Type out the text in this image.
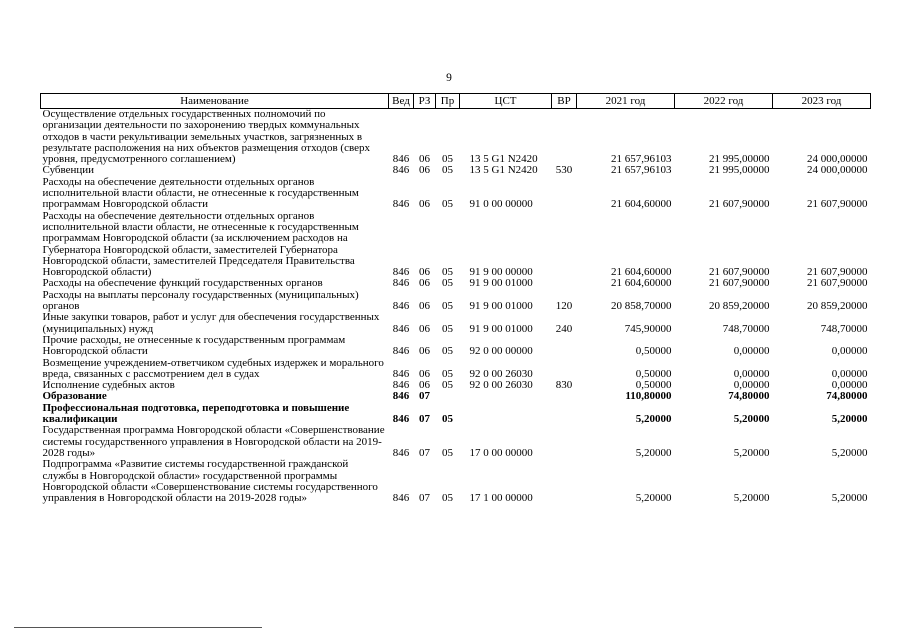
9
Наименование	Вед	РЗ	Пр	ЦСТ	ВР	2021 год	2022 год	2023 год
Осуществление отдельных государственных полномочий по организации деятельности по захоронению твердых коммунальных отходов в части рекультивации земельных участков, загрязненных в результате расположения на них объектов размещения отходов (сверх уровня, предусмотренного соглашением)	846	06	05	13 5 G1 N2420		21 657,96103	21 995,00000	24 000,00000
Субвенции	846	06	05	13 5 G1 N2420	530	21 657,96103	21 995,00000	24 000,00000
Расходы на обеспечение деятельности отдельных органов исполнительной власти области, не отнесенные к государственным программам Новгородской области	846	06	05	91 0 00 00000		21 604,60000	21 607,90000	21 607,90000
Расходы на обеспечение деятельности отдельных органов исполнительной власти области, не отнесенные к государственным программам Новгородской области (за исключением расходов на Губернатора Новгородской области, заместителей Губернатора Новгородской области, заместителей Председателя Правительства Новгородской области)	846	06	05	91 9 00 00000		21 604,60000	21 607,90000	21 607,90000
Расходы на обеспечение функций государственных органов	846	06	05	91 9 00 01000		21 604,60000	21 607,90000	21 607,90000
Расходы на выплаты персоналу государственных (муниципальных) органов	846	06	05	91 9 00 01000	120	20 858,70000	20 859,20000	20 859,20000
Иные закупки товаров, работ и услуг для обеспечения государственных (муниципальных) нужд	846	06	05	91 9 00 01000	240	745,90000	748,70000	748,70000
Прочие расходы, не отнесенные к государственным программам Новгородской области	846	06	05	92 0 00 00000		0,50000	0,00000	0,00000
Возмещение учреждением-ответчиком судебных издержек и морального вреда, связанных с рассмотрением дел в судах	846	06	05	92 0 00 26030		0,50000	0,00000	0,00000
Исполнение судебных актов	846	06	05	92 0 00 26030	830	0,50000	0,00000	0,00000
Образование	846	07				110,80000	74,80000	74,80000
Профессиональная подготовка, переподготовка и повышение квалификации	846	07	05			5,20000	5,20000	5,20000
Государственная программа Новгородской области «Совершенствование системы государственного управления в Новгородской области на 2019-2028 годы»	846	07	05	17 0 00 00000		5,20000	5,20000	5,20000
Подпрограмма «Развитие системы государственной гражданской службы в Новгородской области» государственной программы Новгородской области «Совершенствование системы государственного управления в Новгородской области на 2019-2028 годы»	846	07	05	17 1 00 00000		5,20000	5,20000	5,20000
